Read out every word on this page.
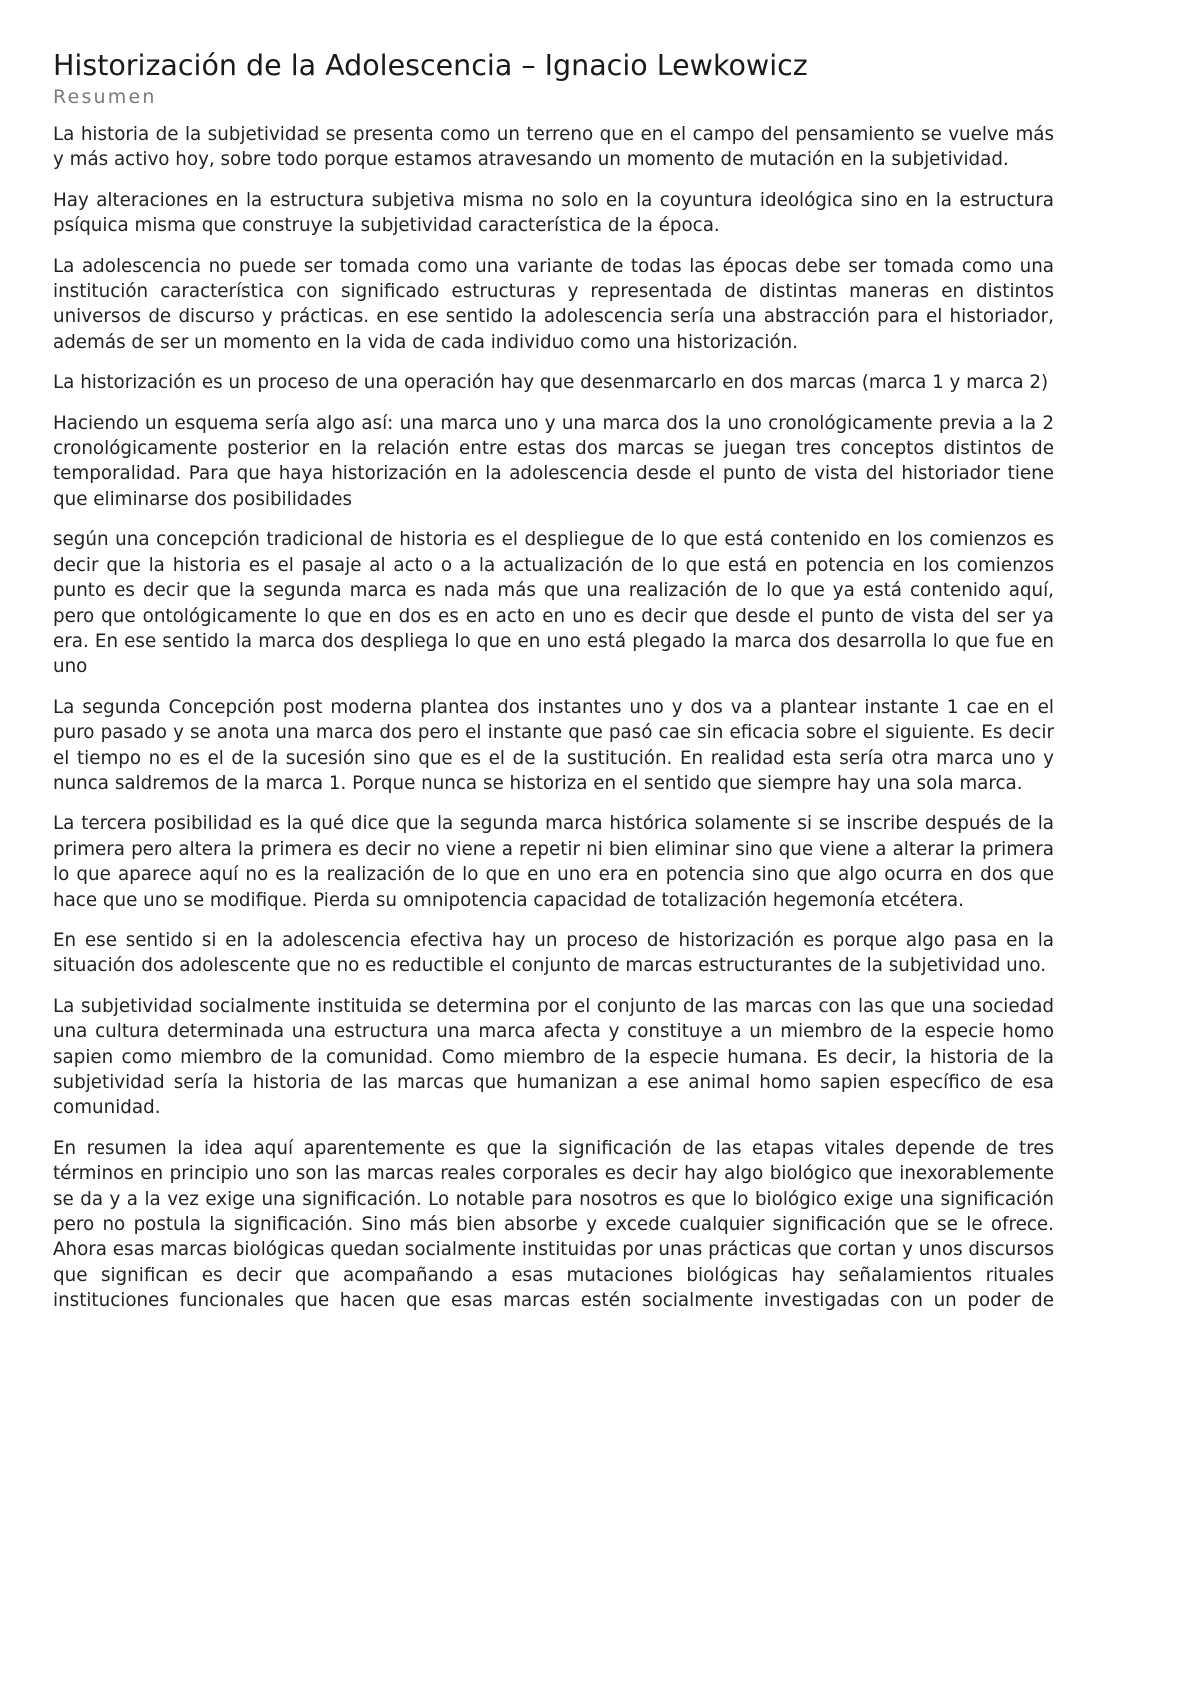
Historización de la Adolescencia – Ignacio Lewkowicz
Resumen

La historia de la subjetividad se presenta como un terreno que en el campo del pensamiento se vuelve más y más activo hoy, sobre todo porque estamos atravesando un momento de mutación en la subjetividad.

Hay alteraciones en la estructura subjetiva misma no solo en la coyuntura ideológica sino en la estructura psíquica misma que construye la subjetividad característica de la época.

La adolescencia no puede ser tomada como una variante de todas las épocas debe ser tomada como una institución característica con significado estructuras y representada de distintas maneras en distintos universos de discurso y prácticas. en ese sentido la adolescencia sería una abstracción para el historiador, además de ser un momento en la vida de cada individuo como una historización.

La historización es un proceso de una operación hay que desenmarcarlo en dos marcas (marca 1 y marca 2)

Haciendo un esquema sería algo así: una marca uno y una marca dos la uno cronológicamente previa a la 2 cronológicamente posterior en la relación entre estas dos marcas se juegan tres conceptos distintos de temporalidad. Para que haya historización en la adolescencia desde el punto de vista del historiador tiene que eliminarse dos posibilidades

según una concepción tradicional de historia es el despliegue de lo que está contenido en los comienzos es decir que la historia es el pasaje al acto o a la actualización de lo que está en potencia en los comienzos punto es decir que la segunda marca es nada más que una realización de lo que ya está contenido aquí, pero que ontológicamente lo que en dos es en acto en uno es decir que desde el punto de vista del ser ya era. En ese sentido la marca dos despliega lo que en uno está plegado la marca dos desarrolla lo que fue en uno

La segunda Concepción post moderna plantea dos instantes uno y dos va a plantear instante 1 cae en el puro pasado y se anota una marca dos pero el instante que pasó cae sin eficacia sobre el siguiente. Es decir el tiempo no es el de la sucesión sino que es el de la sustitución. En realidad esta sería otra marca uno y nunca saldremos de la marca 1. Porque nunca se historiza en el sentido que siempre hay una sola marca.

La tercera posibilidad es la qué dice que la segunda marca histórica solamente si se inscribe después de la primera pero altera la primera es decir no viene a repetir ni bien eliminar sino que viene a alterar la primera lo que aparece aquí no es la realización de lo que en uno era en potencia sino que algo ocurra en dos que hace que uno se modifique. Pierda su omnipotencia capacidad de totalización hegemonía etcétera.

En ese sentido si en la adolescencia efectiva hay un proceso de historización es porque algo pasa en la situación dos adolescente que no es reductible el conjunto de marcas estructurantes de la subjetividad uno.

La subjetividad socialmente instituida se determina por el conjunto de las marcas con las que una sociedad una cultura determinada una estructura una marca afecta y constituye a un miembro de la especie homo sapien como miembro de la comunidad. Como miembro de la especie humana. Es decir, la historia de la subjetividad sería la historia de las marcas que humanizan a ese animal homo sapien específico de esa comunidad.

En resumen la idea aquí aparentemente es que la significación de las etapas vitales depende de tres términos en principio uno son las marcas reales corporales es decir hay algo biológico que inexorablemente se da y a la vez exige una significación. Lo notable para nosotros es que lo biológico exige una significación pero no postula la significación. Sino más bien absorbe y excede cualquier significación que se le ofrece. Ahora esas marcas biológicas quedan socialmente instituidas por unas prácticas que cortan y unos discursos que significan es decir que acompañando a esas mutaciones biológicas hay señalamientos rituales instituciones funcionales que hacen que esas marcas estén socialmente investigadas con un poder de
